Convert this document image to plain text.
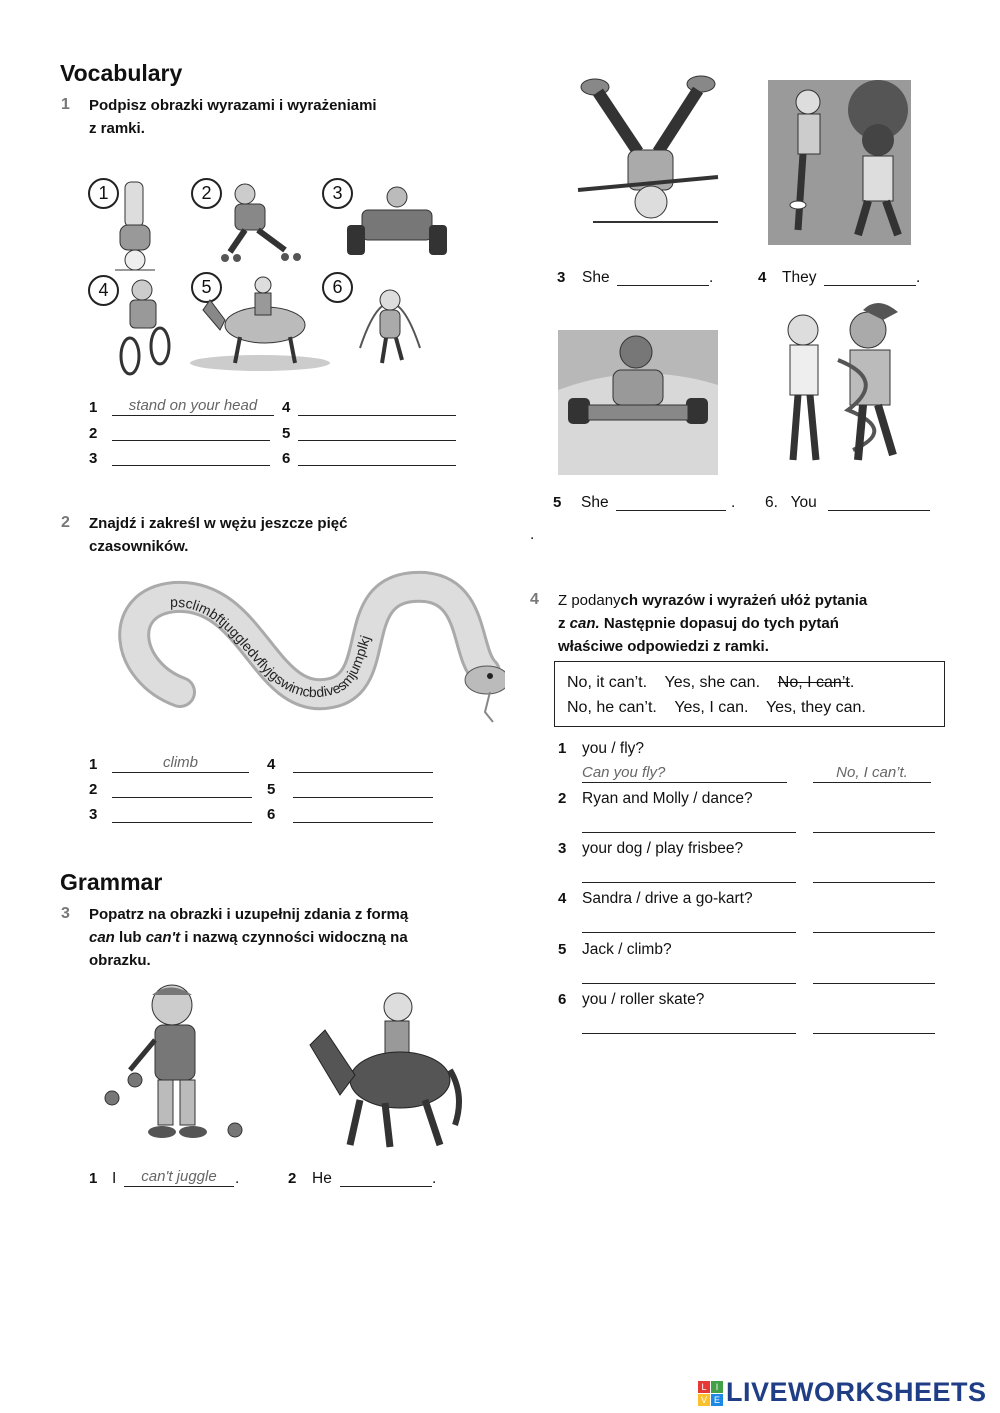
Vocabulary
1 Podpisz obrazki wyrazami i wyrażeniami
z ramki.
1	2	3
4	5	6
1	stand on your head	4
2	5
3	6
2 Znajdź i zakreśl w wężu jeszcze pięć
czasowników.
psclimbftjuggledvflyjgswimcbdivesmjumplkj
1	climb	4
2	5
3	6
Grammar
3 Popatrz na obrazki i uzupełnij zdania z formą
can lub can't i nazwą czynności widoczną na
obrazku.
1 I	can't juggle	.	2 He	.
3 She	.	4 They	.
5 She	. 6.   You
.
4 Z podanych wyrazów i wyrażeń ułóż pytania
z can. Następnie dopasuj do tych pytań
właściwe odpowiedzi z ramki.
No, it can’t. Yes, she can. No, I can’t.
No, he can’t. Yes, I can. Yes, they can.
1 you / fly?
Can you fly?	No, I can’t.
2 Ryan and Molly / dance?
3 your dog / play frisbee?
4 Sandra / drive a go-kart?
5 Jack / climb?
6 you / roller skate?
L	I
V E LIVEWORKSHEETS
